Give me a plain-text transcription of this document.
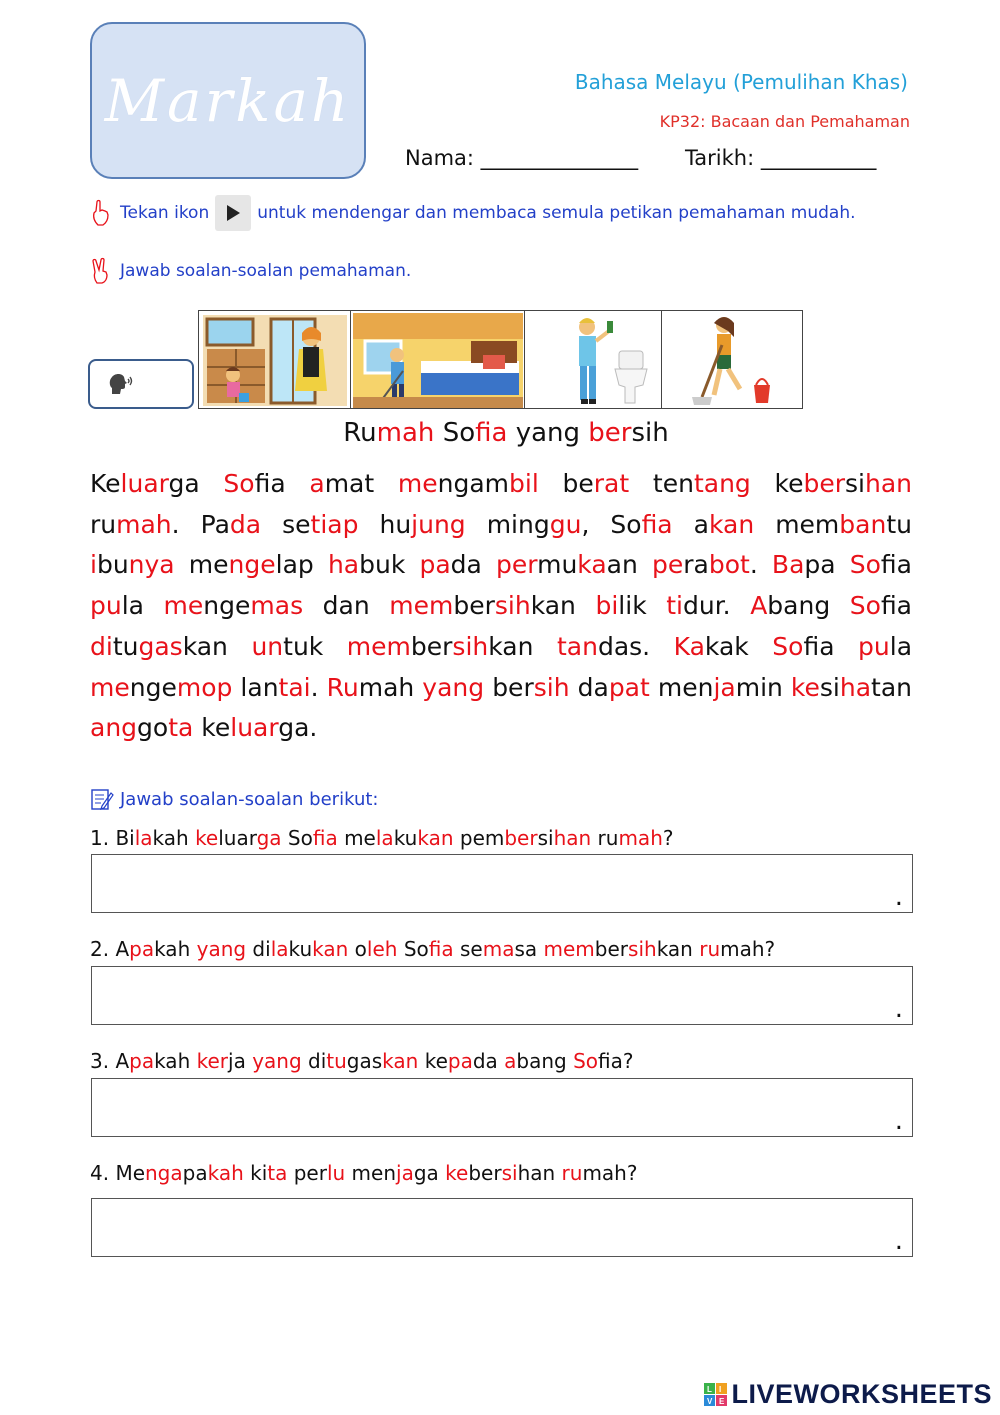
Markah	Bahasa Melayu (Pemulihan Khas)
KP32: Bacaan dan Pemahaman
Nama: _______________ Tarikh: ___________
Tekan ikon	untuk mendengar dan membaca semula petikan pemahaman mudah.
Jawab soalan-soalan pemahaman.
Rumah Sofia yang bersih
Keluarga Sofia amat mengambil berat tentang kebersihan rumah. Pada setiap hujung minggu, Sofia akan membantu ibunya mengelap habuk pada permukaan perabot. Bapa Sofia pula mengemas dan membersihkan bilik tidur. Abang Sofia ditugaskan untuk membersihkan tandas. Kakak Sofia pula mengemop lantai. Rumah yang bersih dapat menjamin kesihatan anggota keluarga.
Jawab soalan-soalan berikut:
1. Bilakah keluarga Sofia melakukan pembersihan rumah?
.
2. Apakah yang dilakukan oleh Sofia semasa membersihkan rumah?
.
3. Apakah kerja yang ditugaskan kepada abang Sofia?
.
4. Mengapakah kita perlu menjaga kebersihan rumah?
.
L I
V E LIVEWORKSHEETS
